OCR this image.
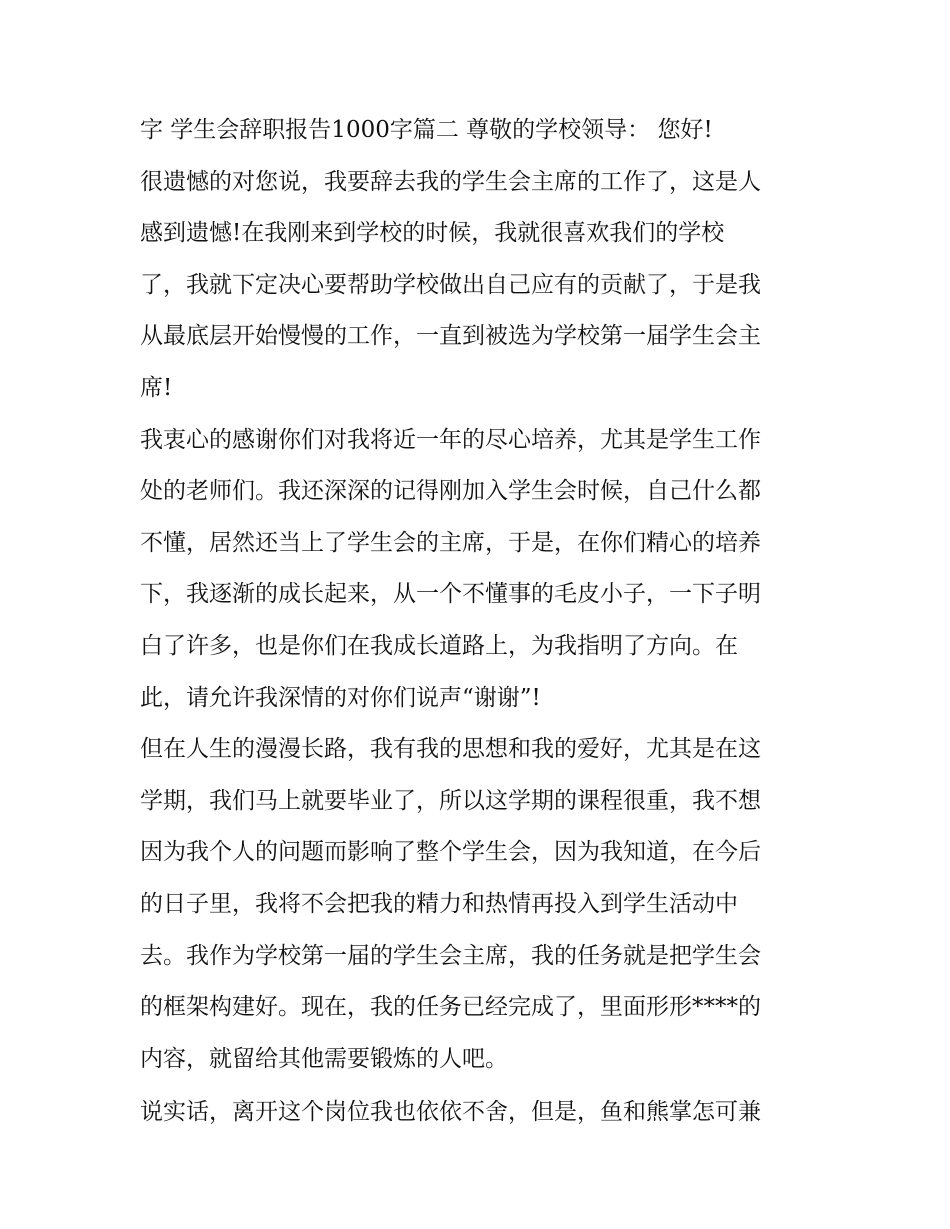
字 学生会辞职报告1000字篇二 尊敬的学校领导： 您好!
很遗憾的对您说，我要辞去我的学生会主席的工作了，这是人
感到遗憾!在我刚来到学校的时候，我就很喜欢我们的学校
了，我就下定决心要帮助学校做出自己应有的贡献了，于是我
从最底层开始慢慢的工作，一直到被选为学校第一届学生会主
席!
我衷心的感谢你们对我将近一年的尽心培养，尤其是学生工作
处的老师们。我还深深的记得刚加入学生会时候，自己什么都
不懂，居然还当上了学生会的主席，于是，在你们精心的培养
下，我逐渐的成长起来，从一个不懂事的毛皮小子，一下子明
白了许多，也是你们在我成长道路上，为我指明了方向。在
此，请允许我深情的对你们说声“谢谢”!
但在人生的漫漫长路，我有我的思想和我的爱好，尤其是在这
学期，我们马上就要毕业了，所以这学期的课程很重，我不想
因为我个人的问题而影响了整个学生会，因为我知道，在今后
的日子里，我将不会把我的精力和热情再投入到学生活动中
去。我作为学校第一届的学生会主席，我的任务就是把学生会
的框架构建好。现在，我的任务已经完成了，里面形形****的
内容，就留给其他需要锻炼的人吧。
说实话，离开这个岗位我也依依不舍，但是，鱼和熊掌怎可兼
